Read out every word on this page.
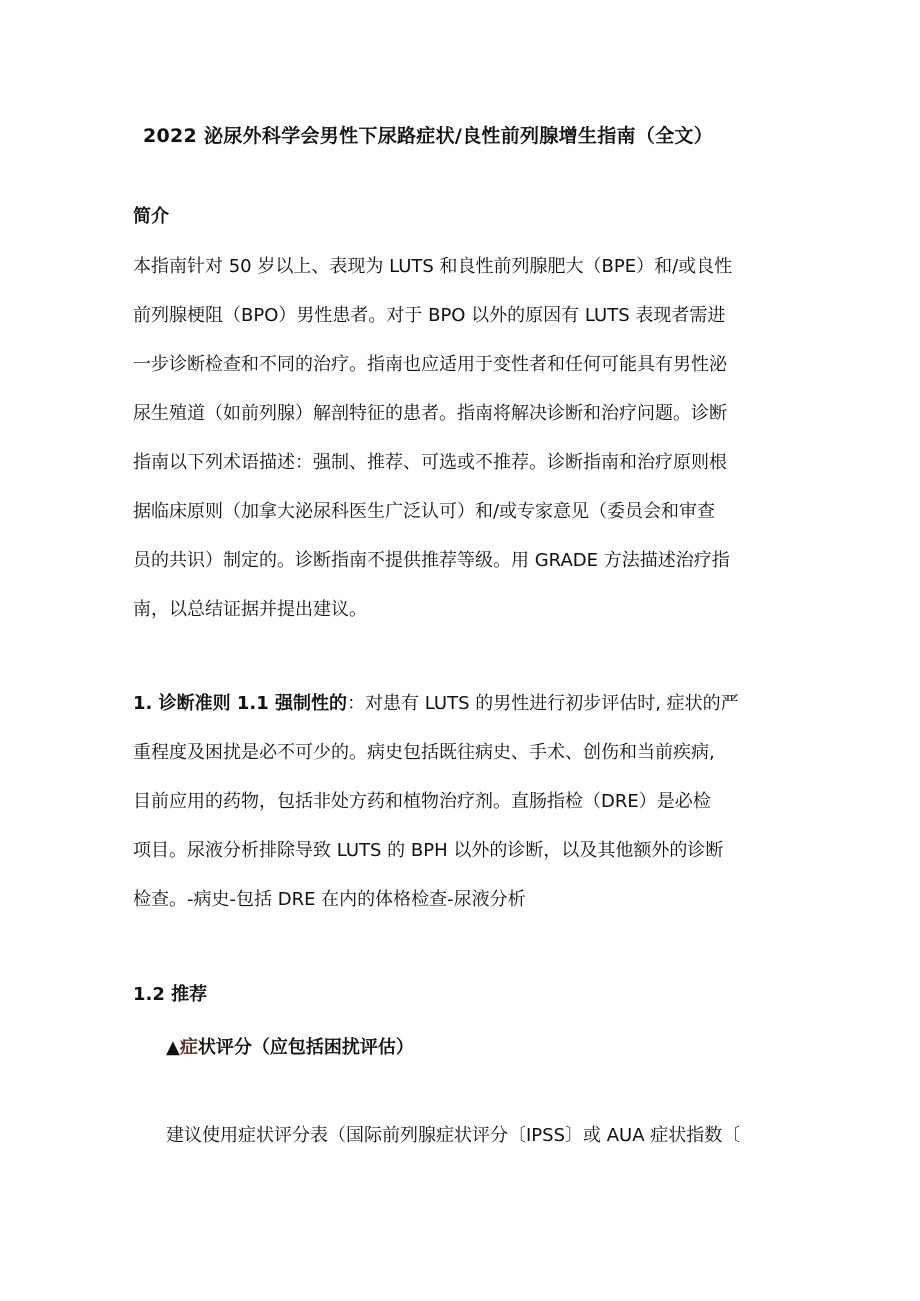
2022 泌尿外科学会男性下尿路症状/良性前列腺增生指南（全文）
简介
本指南针对 50 岁以上、表现为 LUTS 和良性前列腺肥大（BPE）和/或良性
前列腺梗阻（BPO）男性患者。对于 BPO 以外的原因有 LUTS 表现者需进
一步诊断检查和不同的治疗。指南也应适用于变性者和任何可能具有男性泌
尿生殖道（如前列腺）解剖特征的患者。指南将解决诊断和治疗问题。诊断
指南以下列术语描述：强制、推荐、可选或不推荐。诊断指南和治疗原则根
据临床原则（加拿大泌尿科医生广泛认可）和/或专家意见（委员会和审查
员的共识）制定的。诊断指南不提供推荐等级。用 GRADE 方法描述治疗指
南，以总结证据并提出建议。
1. 诊断准则 1.1 强制性的：对患有 LUTS 的男性进行初步评估时, 症状的严
重程度及困扰是必不可少的。病史包括既往病史、手术、创伤和当前疾病,
目前应用的药物，包括非处方药和植物治疗剂。直肠指检（DRE）是必检
项目。尿液分析排除导致 LUTS 的 BPH 以外的诊断，以及其他额外的诊断
检查。-病史-包括 DRE 在内的体格检查-尿液分析
1.2 推荐
▲症状评分（应包括困扰评估）
建议使用症状评分表（国际前列腺症状评分〔IPSS〕或 AUA 症状指数〔
